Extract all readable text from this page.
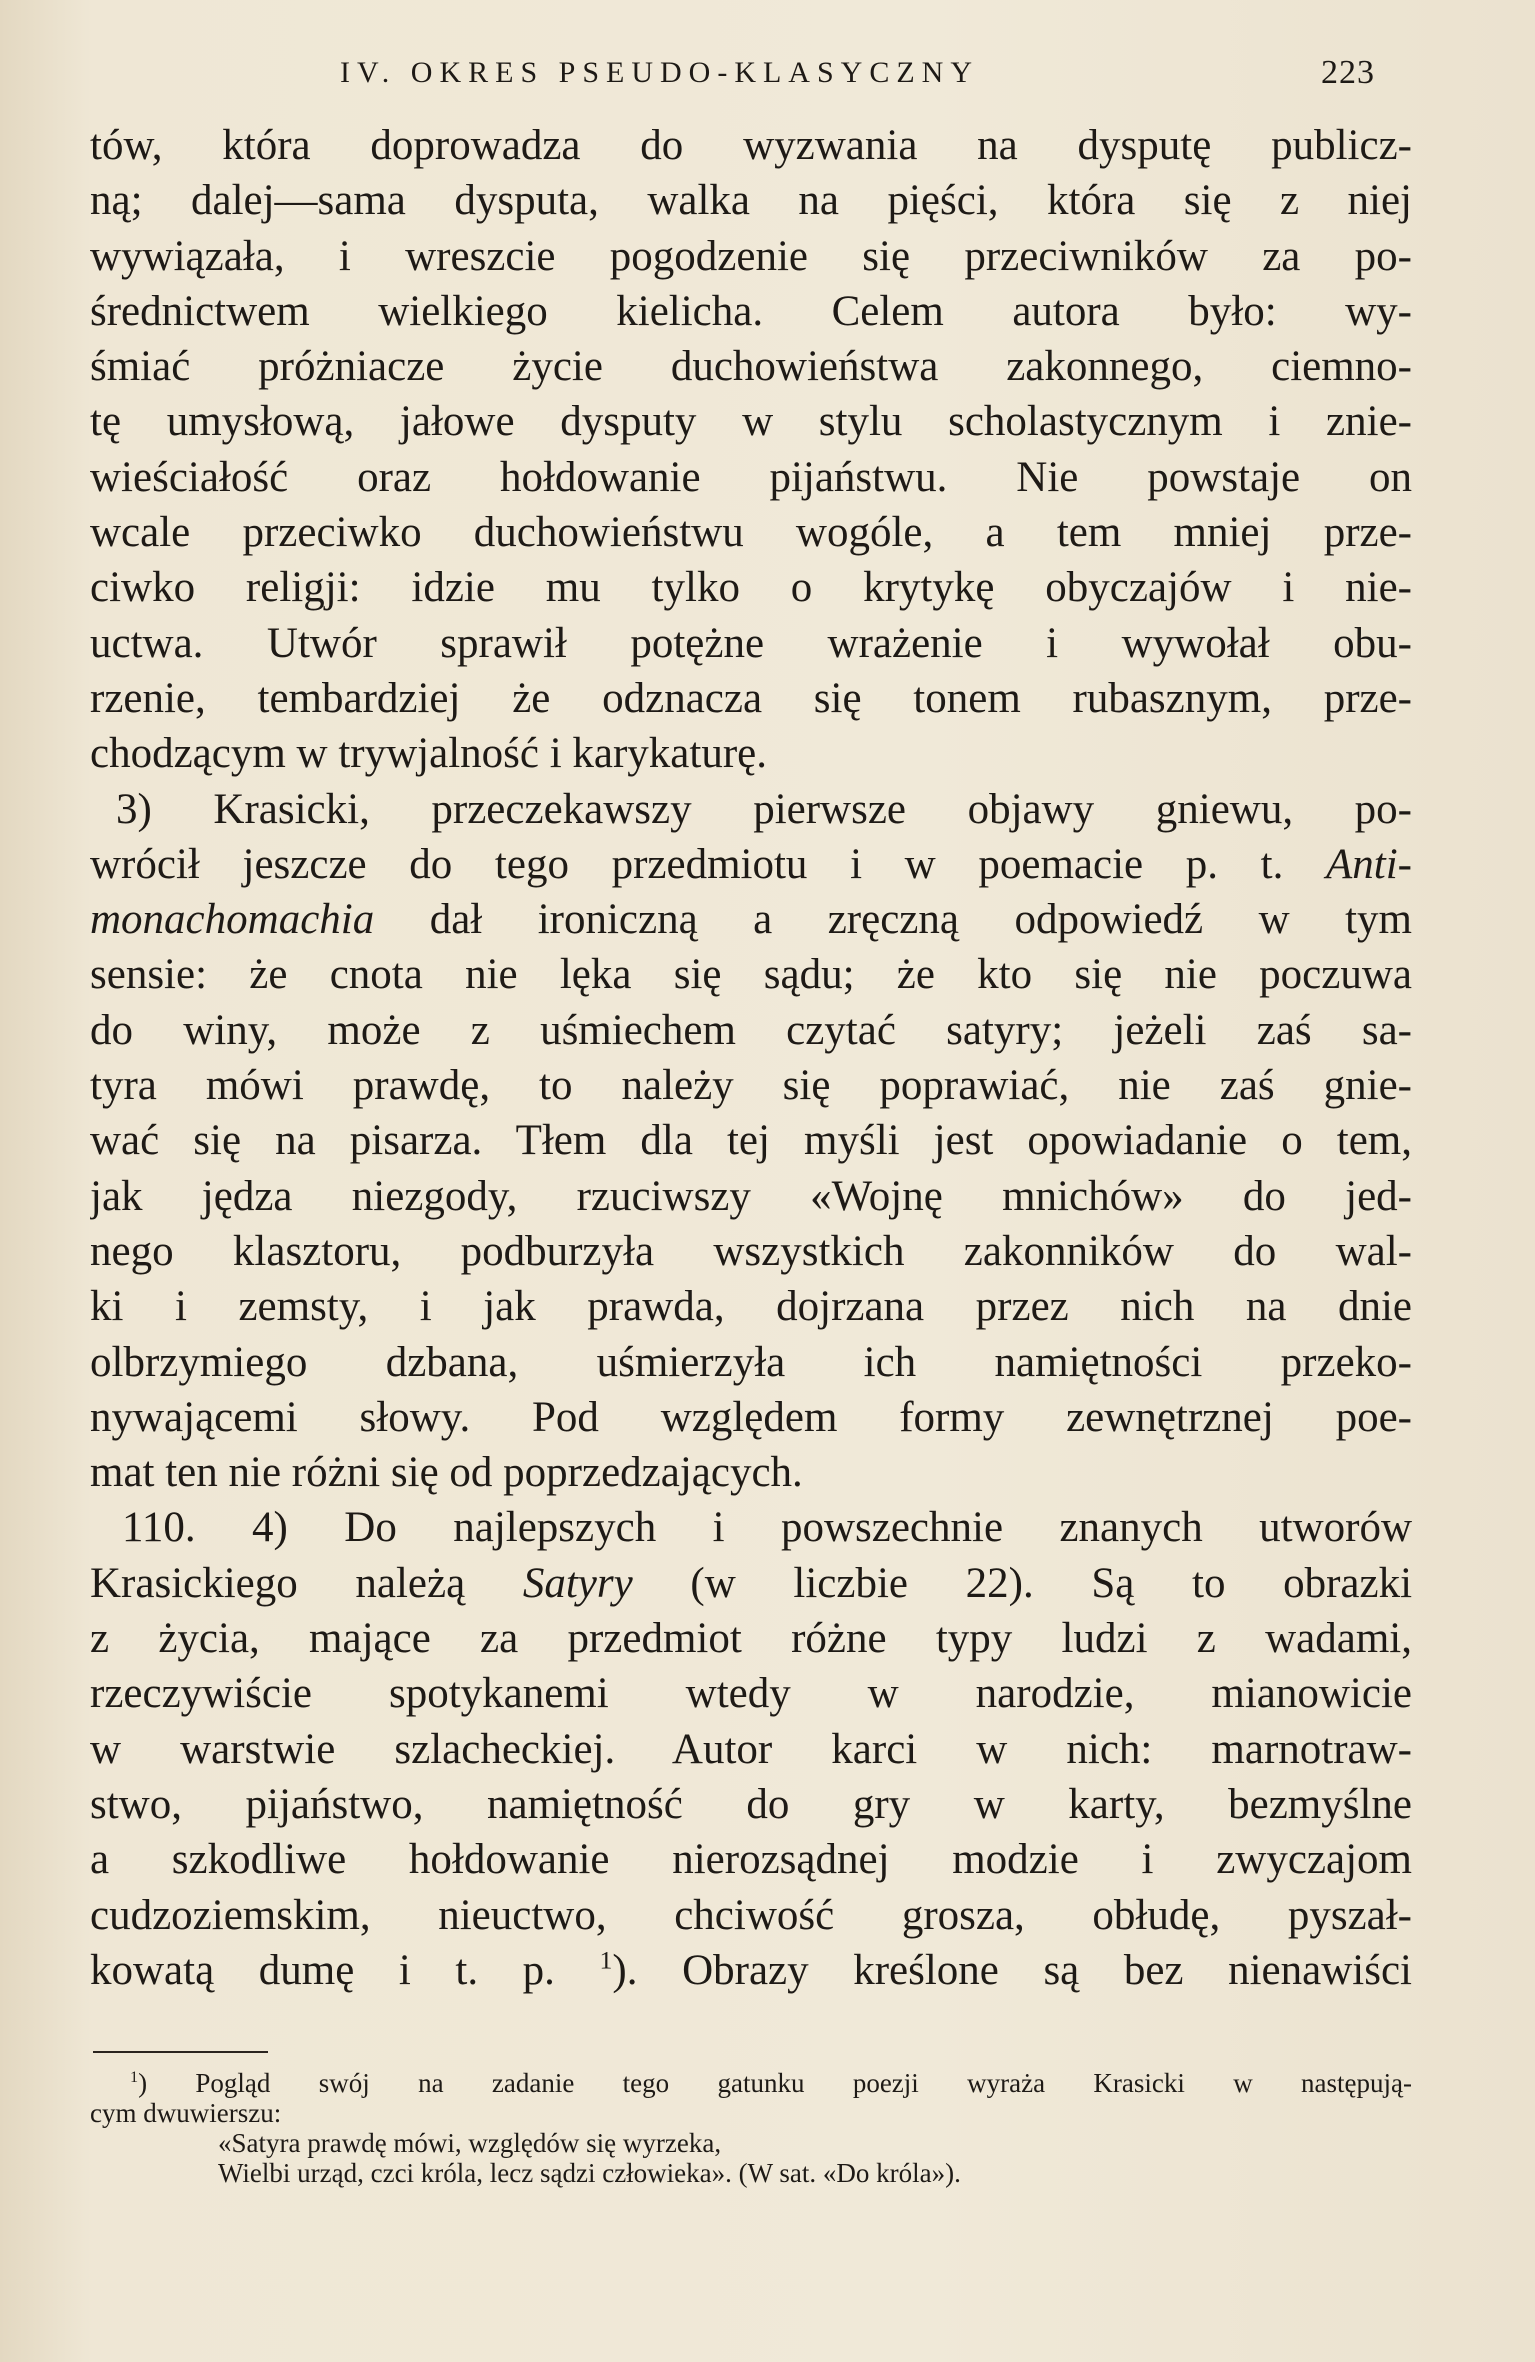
IV. OKRES PSEUDO-KLASYCZNY	223
tów, która doprowadza do wyzwania na dysputę publicz-
ną; dalej—sama dysputa, walka na pięści, która się z niej
wywiązała, i wreszcie pogodzenie się przeciwników za po-
średnictwem wielkiego kielicha. Celem autora było: wy-
śmiać próżniacze życie duchowieństwa zakonnego, ciemno-
tę umysłową, jałowe dysputy w stylu scholastycznym i znie-
wieściałość oraz hołdowanie pijaństwu. Nie powstaje on
wcale przeciwko duchowieństwu wogóle, a tem mniej prze-
ciwko religji: idzie mu tylko o krytykę obyczajów i nie-
uctwa. Utwór sprawił potężne wrażenie i wywołał obu-
rzenie, tembardziej że odznacza się tonem rubasznym, prze-
chodzącym w trywjalność i karykaturę.
3) Krasicki, przeczekawszy pierwsze objawy gniewu, po-
wrócił jeszcze do tego przedmiotu i w poemacie p. t. Anti-
monachomachia dał ironiczną a zręczną odpowiedź w tym
sensie: że cnota nie lęka się sądu; że kto się nie poczuwa
do winy, może z uśmiechem czytać satyry; jeżeli zaś sa-
tyra mówi prawdę, to należy się poprawiać, nie zaś gnie-
wać się na pisarza. Tłem dla tej myśli jest opowiadanie o tem,
jak jędza niezgody, rzuciwszy «Wojnę mnichów» do jed-
nego klasztoru, podburzyła wszystkich zakonników do wal-
ki i zemsty, i jak prawda, dojrzana przez nich na dnie
olbrzymiego dzbana, uśmierzyła ich namiętności przeko-
nywającemi słowy. Pod względem formy zewnętrznej poe-
mat ten nie różni się od poprzedzających.
110. 4) Do najlepszych i powszechnie znanych utworów
Krasickiego należą Satyry (w liczbie 22). Są to obrazki
z życia, mające za przedmiot różne typy ludzi z wadami,
rzeczywiście spotykanemi wtedy w narodzie, mianowicie
w warstwie szlacheckiej. Autor karci w nich: marnotraw-
stwo, pijaństwo, namiętność do gry w karty, bezmyślne
a szkodliwe hołdowanie nierozsądnej modzie i zwyczajom
cudzoziemskim, nieuctwo, chciwość grosza, obłudę, pyszał-
kowatą dumę i t. p. $^1$). Obrazy kreślone są bez nienawiści
$^1$) Pogląd swój na zadanie tego gatunku poezji wyraża Krasicki w następują-
cym dwuwierszu:
«Satyra prawdę mówi, względów się wyrzeka,
Wielbi urząd, czci króla, lecz sądzi człowieka». (W sat. «Do króla»).
